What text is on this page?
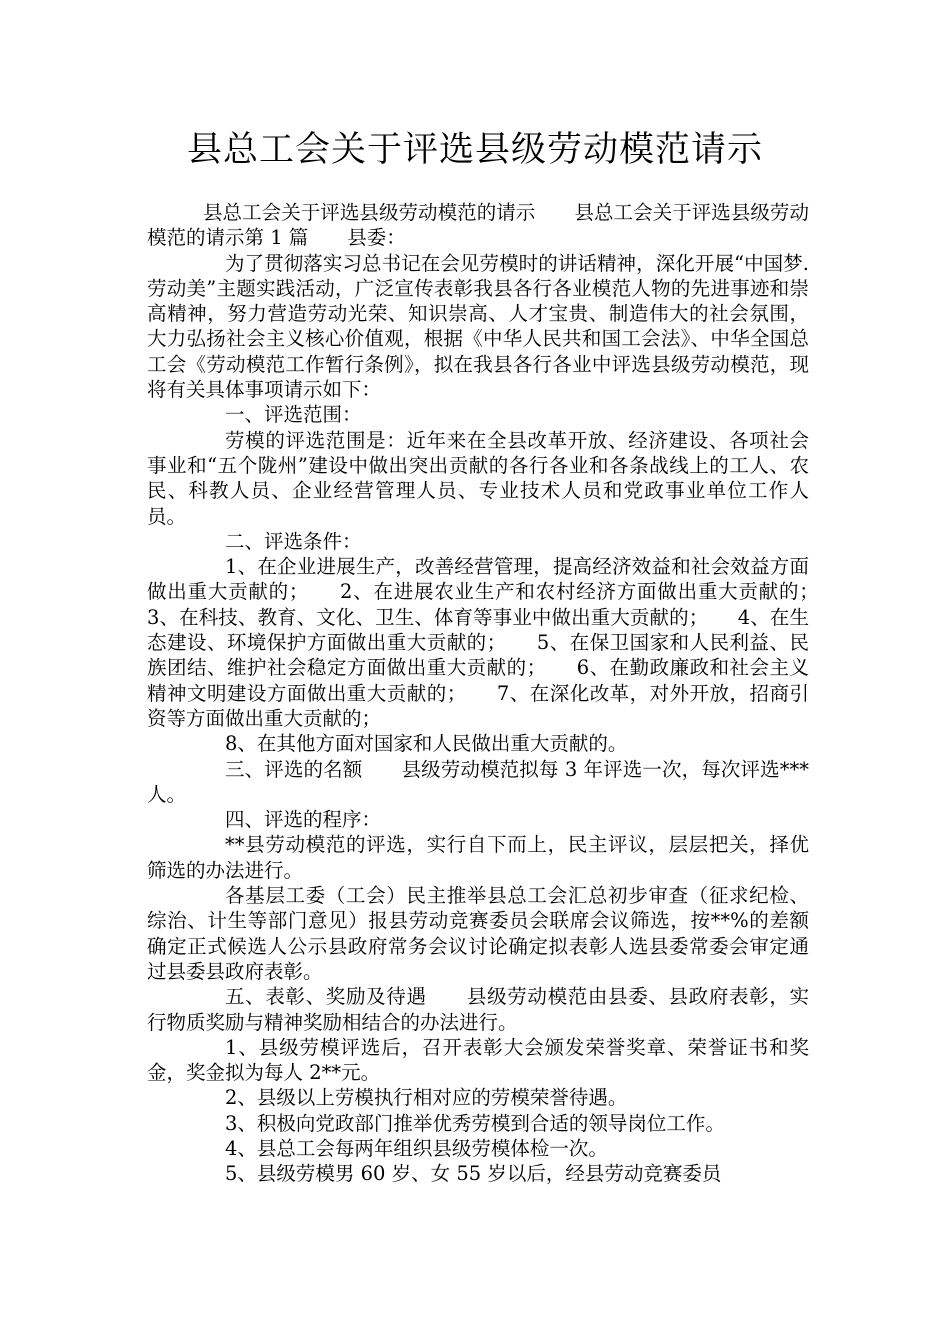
县总工会关于评选县级劳动模范请示

县总工会关于评选县级劳动模范的请示　　县总工会关于评选县级劳动模范的请示第 1 篇　　县委：

为了贯彻落实习总书记在会见劳模时的讲话精神，深化开展“中国梦.劳动美”主题实践活动，广泛宣传表彰我县各行各业模范人物的先进事迹和崇高精神，努力营造劳动光荣、知识崇高、人才宝贵、制造伟大的社会氛围，大力弘扬社会主义核心价值观，根据《中华人民共和国工会法》、中华全国总工会《劳动模范工作暂行条例》，拟在我县各行各业中评选县级劳动模范，现将有关具体事项请示如下：

一、评选范围：

劳模的评选范围是：近年来在全县改革开放、经济建设、各项社会事业和“五个陇州”建设中做出突出贡献的各行各业和各条战线上的工人、农民、科教人员、企业经营管理人员、专业技术人员和党政事业单位工作人员。

二、评选条件：

1、在企业进展生产，改善经营管理，提高经济效益和社会效益方面做出重大贡献的；　　2、在进展农业生产和农村经济方面做出重大贡献的；　　3、在科技、教育、文化、卫生、体育等事业中做出重大贡献的；　　4、在生态建设、环境保护方面做出重大贡献的；　　5、在保卫国家和人民利益、民族团结、维护社会稳定方面做出重大贡献的；　　6、在勤政廉政和社会主义精神文明建设方面做出重大贡献的；　　7、在深化改革，对外开放，招商引资等方面做出重大贡献的；

8、在其他方面对国家和人民做出重大贡献的。

三、评选的名额　　县级劳动模范拟每 3 年评选一次，每次评选***人。

四、评选的程序：

**县劳动模范的评选，实行自下而上，民主评议，层层把关，择优筛选的办法进行。

各基层工委（工会）民主推举县总工会汇总初步审查（征求纪检、综治、计生等部门意见）报县劳动竞赛委员会联席会议筛选，按**%的差额确定正式候选人公示县政府常务会议讨论确定拟表彰人选县委常委会审定通过县委县政府表彰。

五、表彰、奖励及待遇　　县级劳动模范由县委、县政府表彰，实行物质奖励与精神奖励相结合的办法进行。

1、县级劳模评选后，召开表彰大会颁发荣誉奖章、荣誉证书和奖金，奖金拟为每人 2**元。

2、县级以上劳模执行相对应的劳模荣誉待遇。

3、积极向党政部门推举优秀劳模到合适的领导岗位工作。

4、县总工会每两年组织县级劳模体检一次。

5、县级劳模男 60 岁、女 55 岁以后，经县劳动竞赛委员
